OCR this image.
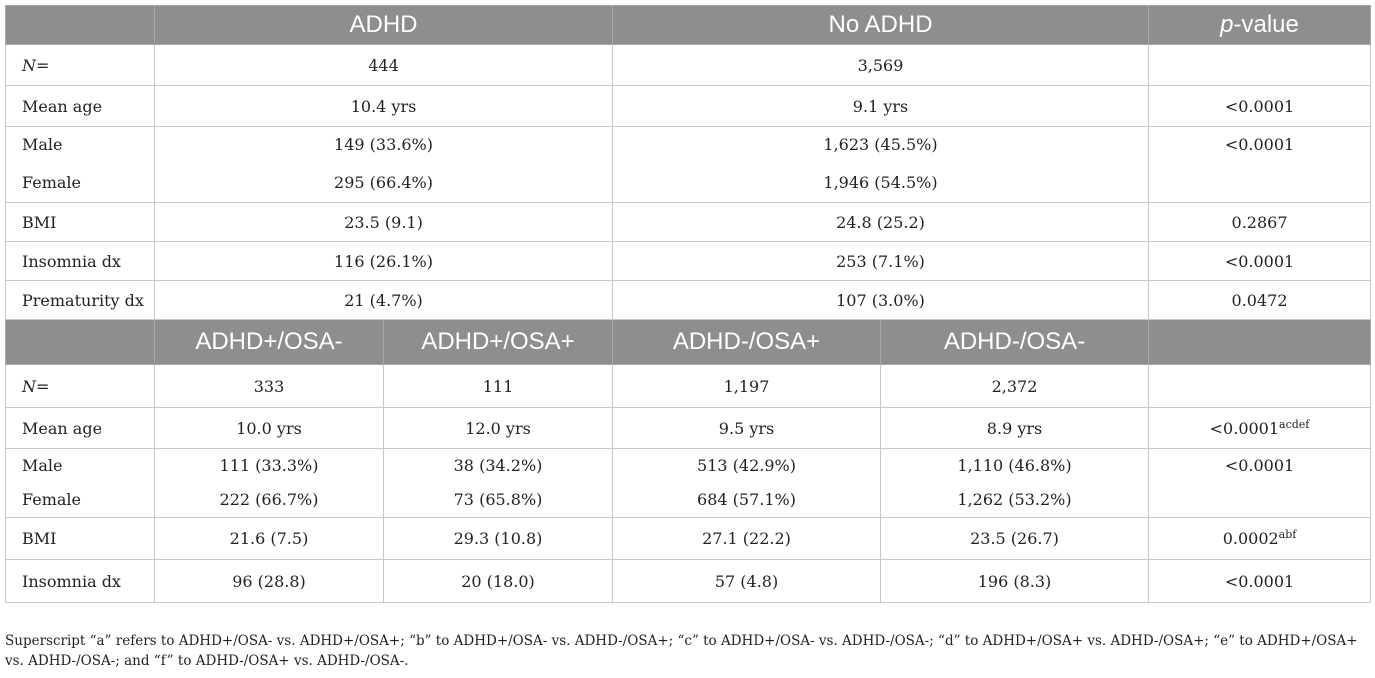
	ADHD		No ADHD		p-value
N=	444		3,569		
Mean age	10.4 yrs		9.1 yrs		<0.0001
Male	149 (33.6%)		1,623 (45.5%)		<0.0001
Female	295 (66.4%)		1,946 (54.5%)		
BMI	23.5 (9.1)		24.8 (25.2)		0.2867
Insomnia dx	116 (26.1%)		253 (7.1%)		<0.0001
Prematurity dx	21 (4.7%)		107 (3.0%)		0.0472
	ADHD+/OSA-	ADHD+/OSA+	ADHD-/OSA+	ADHD-/OSA-	
N=	333	111	1,197	2,372	
Mean age	10.0 yrs	12.0 yrs	9.5 yrs	8.9 yrs	$<0.0001^{acdef}$
Male	111 (33.3%)	38 (34.2%)	513 (42.9%)	1,110 (46.8%)	<0.0001
Female	222 (66.7%)	73 (65.8%)	684 (57.1%)	1,262 (53.2%)	
BMI	21.6 (7.5)	29.3 (10.8)	27.1 (22.2)	23.5 (26.7)	0.0002$^{abf}$
Insomnia dx	96 (28.8)	20 (18.0)	57 (4.8)	196 (8.3)	<0.0001
Superscript “a” refers to ADHD+/OSA- vs. ADHD+/OSA+; “b” to ADHD+/OSA- vs. ADHD-/OSA+; “c” to ADHD+/OSA- vs. ADHD-/OSA-; “d” to ADHD+/OSA+ vs. ADHD-/OSA+; “e” to ADHD+/OSA+ vs. ADHD-/OSA-; and “f” to ADHD-/OSA+ vs. ADHD-/OSA-.
